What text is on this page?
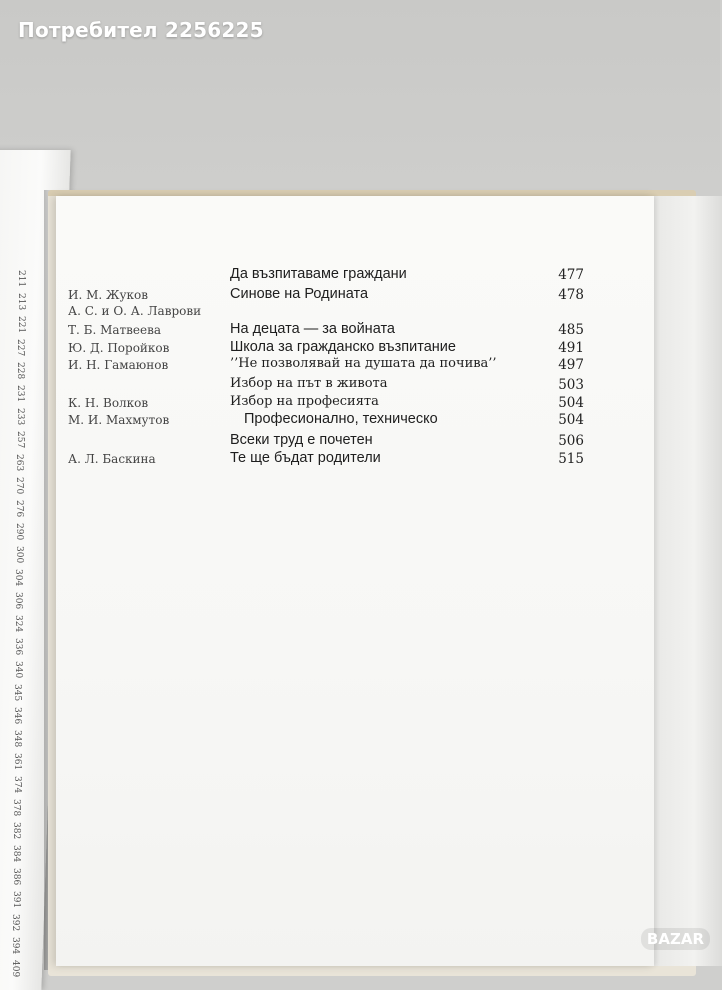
Потребител 2256225
211
213
221
227
228
231
233
257
263
270
276
290
300
304
306
324
336
340
345
346
348
361
374
378
382
384
386
391
392
394
409
Да възпитаваме граждани	477
И. М. Жуков	Синове на Родината	478
А. С. и О. А. Лаврови
Т. Б. Матвеева	На децата — за войната	485
Ю. Д. Поройков	Школа за гражданско възпитание	491
И. Н. Гамаюнов	’’Не позволявай на душата да почива’’	497
Избор на път в живота	503
К. Н. Волков	Избор на професията	504
М. И. Махмутов	Професионално, техническо	504
Всеки труд е почетен	506
А. Л. Баскина	Те ще бъдат родители	515
BAZAR
